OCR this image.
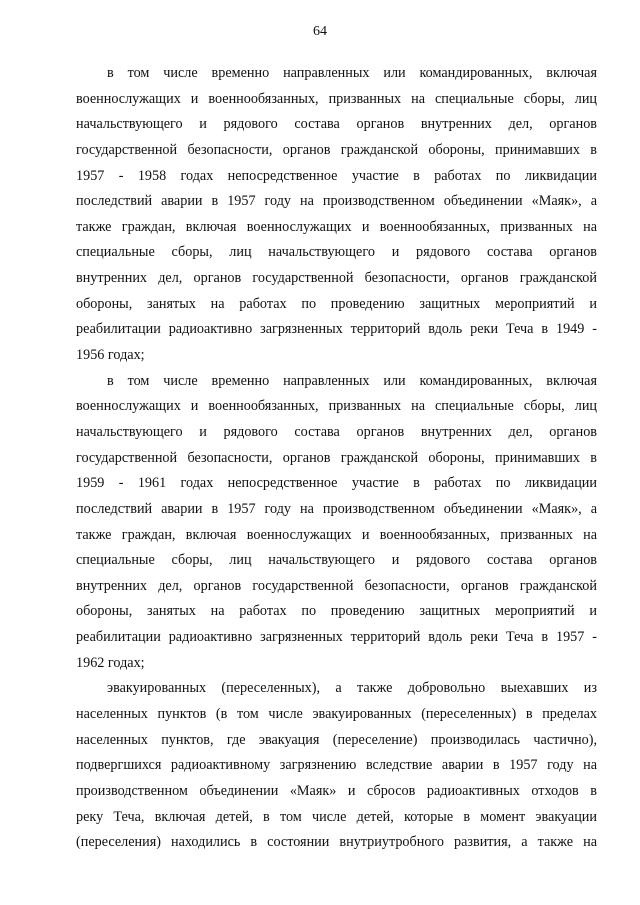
64

в том числе временно направленных или командированных, включая
военнослужащих и военнообязанных, призванных на специальные сборы, лиц
начальствующего и рядового состава органов внутренних дел, органов
государственной безопасности, органов гражданской обороны, принимавших в
1957 - 1958 годах непосредственное участие в работах по ликвидации
последствий аварии в 1957 году на производственном объединении «Маяк», а
также граждан, включая военнослужащих и военнообязанных, призванных на
специальные сборы, лиц начальствующего и рядового состава органов
внутренних дел, органов государственной безопасности, органов гражданской
обороны, занятых на работах по проведению защитных мероприятий и
реабилитации радиоактивно загрязненных территорий вдоль реки Теча в 1949 -
1956 годах;

в том числе временно направленных или командированных, включая
военнослужащих и военнообязанных, призванных на специальные сборы, лиц
начальствующего и рядового состава органов внутренних дел, органов
государственной безопасности, органов гражданской обороны, принимавших в
1959 - 1961 годах непосредственное участие в работах по ликвидации
последствий аварии в 1957 году на производственном объединении «Маяк», а
также граждан, включая военнослужащих и военнообязанных, призванных на
специальные сборы, лиц начальствующего и рядового состава органов
внутренних дел, органов государственной безопасности, органов гражданской
обороны, занятых на работах по проведению защитных мероприятий и
реабилитации радиоактивно загрязненных территорий вдоль реки Теча в 1957 -
1962 годах;

эвакуированных (переселенных), а также добровольно выехавших из
населенных пунктов (в том числе эвакуированных (переселенных) в пределах
населенных пунктов, где эвакуация (переселение) производилась частично),
подвергшихся радиоактивному загрязнению вследствие аварии в 1957 году на
производственном объединении «Маяк» и сбросов радиоактивных отходов в
реку Теча, включая детей, в том числе детей, которые в момент эвакуации
(переселения) находились в состоянии внутриутробного развития, а также на
